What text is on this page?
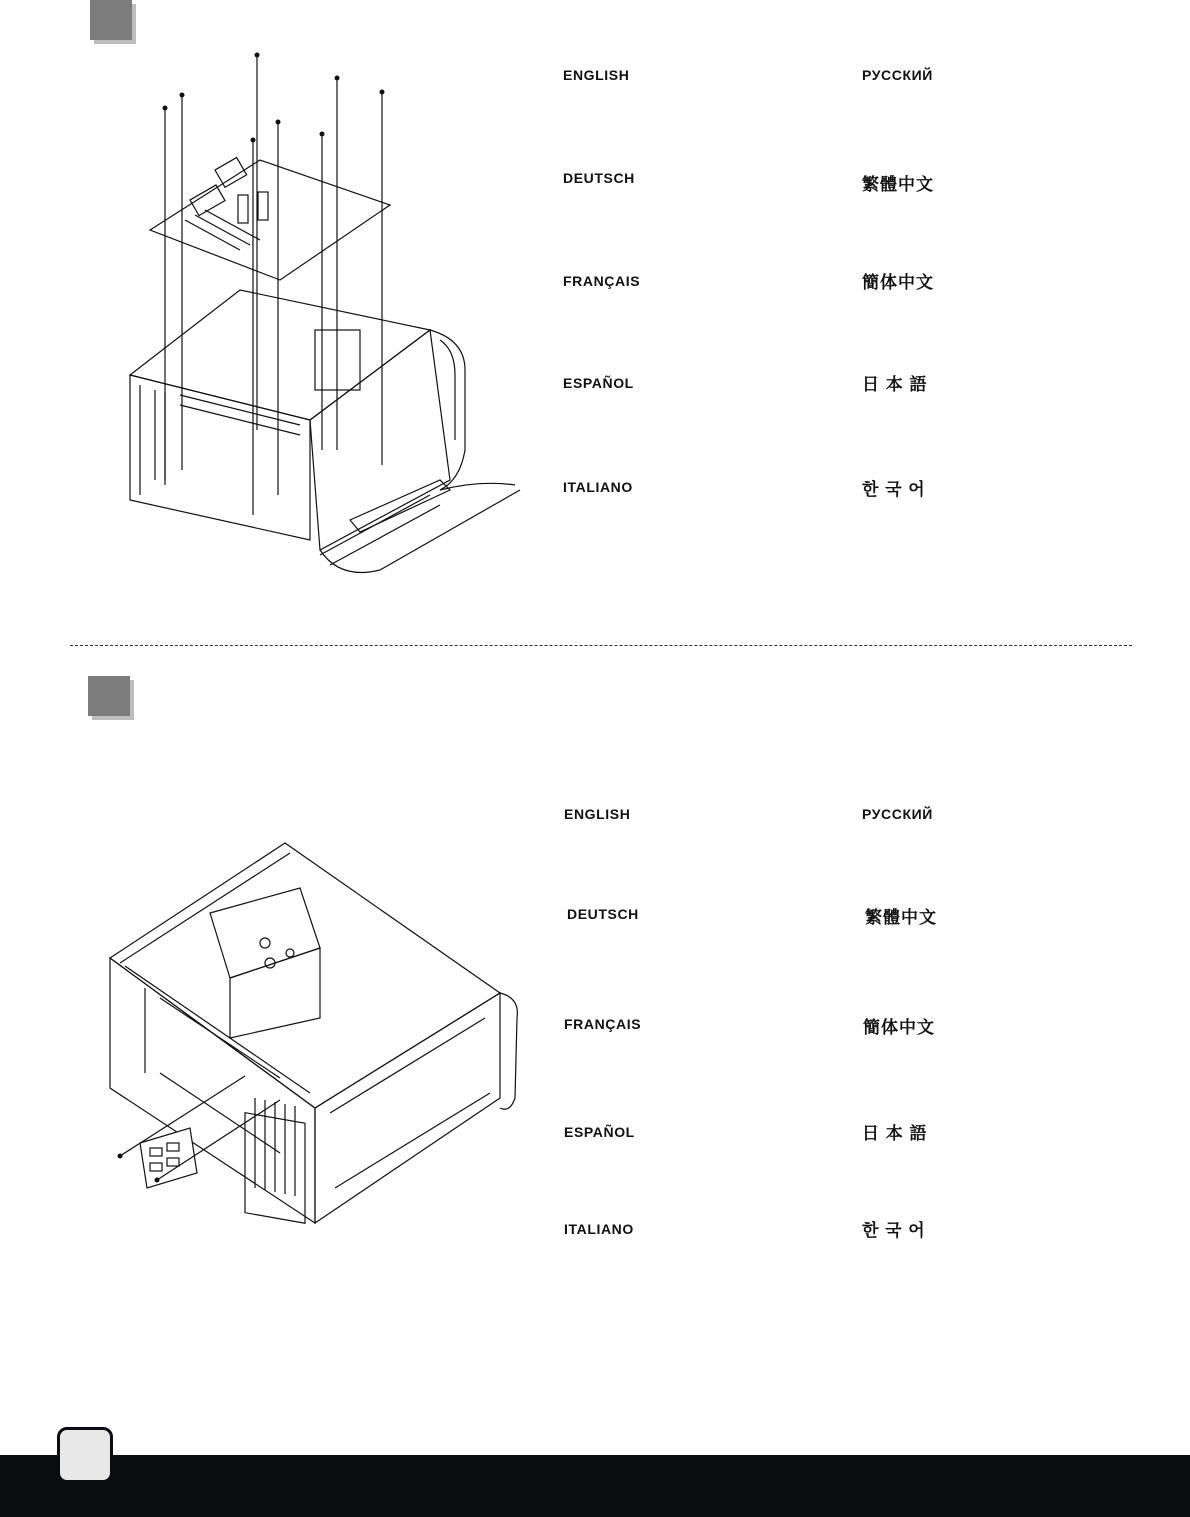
ENGLISH
DEUTSCH
FRANÇAIS
ESPAÑOL
ITALIANO
РУССКИЙ
繁體中文
簡体中文
日 本 語
한 국 어
ENGLISH
DEUTSCH
FRANÇAIS
ESPAÑOL
ITALIANO
РУССКИЙ
繁體中文
簡体中文
日 本 語
한 국 어
